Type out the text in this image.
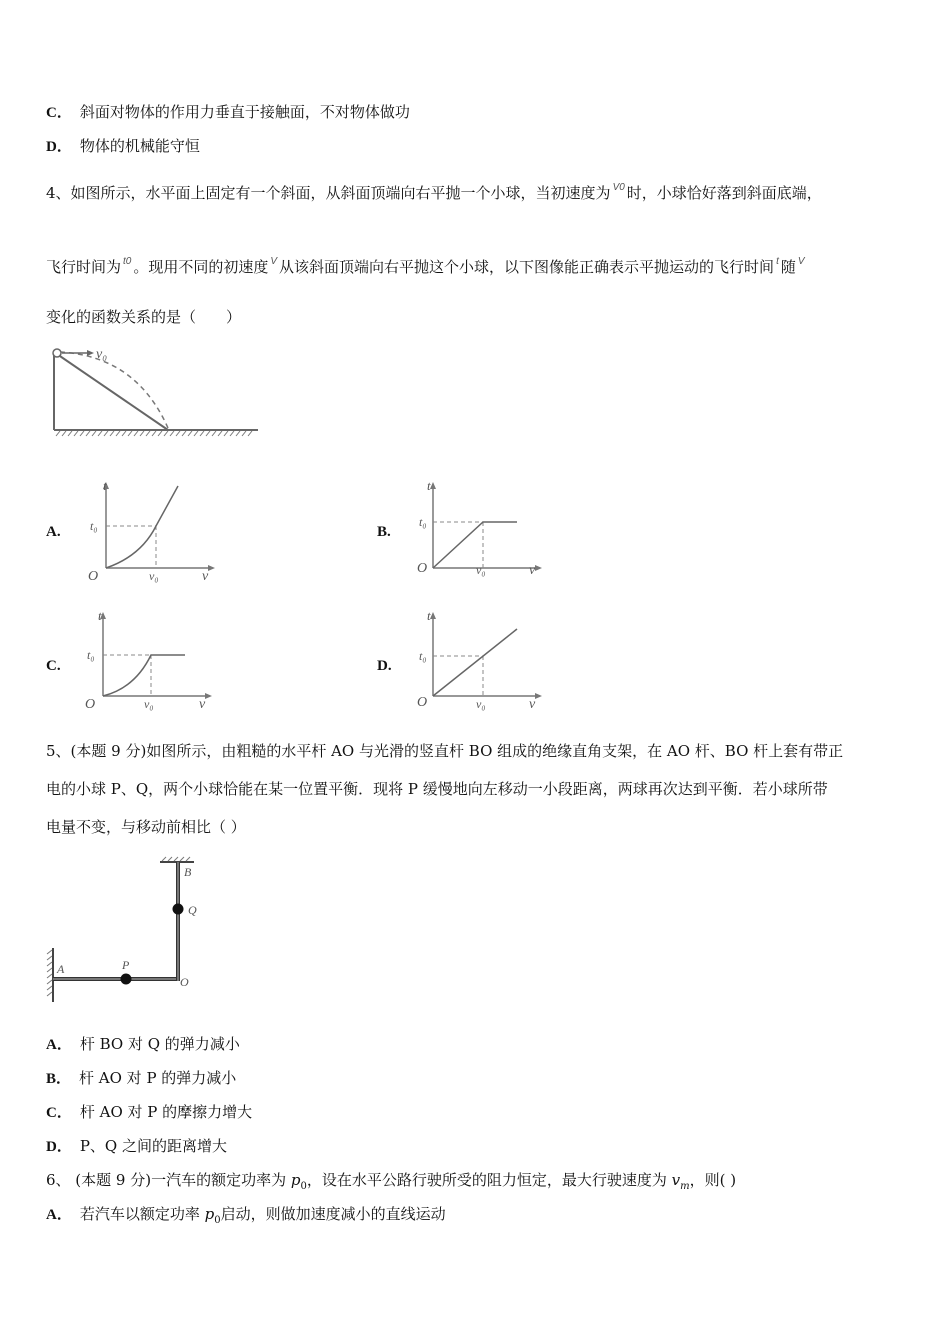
C． 斜面对物体的作用力垂直于接触面，不对物体做功
D． 物体的机械能守恒
4、如图所示，水平面上固定有一个斜面，从斜面顶端向右平抛一个小球，当初速度为 $^{V0}$ 时，小球恰好落到斜面底端，
飞行时间为 $^{t0}$ 。现用不同的初速度 $^V$ 从该斜面顶端向右平抛这个小球，以下图像能正确表示平抛运动的飞行时间 $^t$ 随 $^V$
变化的函数关系的是（　　）
v₀
A.
t
t₀
O	v₀	v
B.
t
t₀
O	v₀	v
C.
t
t₀
O	v₀	v
D.
t
t₀
O	v₀	v
5、(本题 9 分)如图所示，由粗糙的水平杆 AO 与光滑的竖直杆 BO 组成的绝缘直角支架，在 AO 杆、BO 杆上套有带正
电的小球 P、Q，两个小球恰能在某一位置平衡．现将 P 缓慢地向左移动一小段距离，两球再次达到平衡．若小球所带
电量不变，与移动前相比（ ）
A
B
O
P
Q
A． 杆 BO 对 Q 的弹力减小
B． 杆 AO 对 P 的弹力减小
C． 杆 AO 对 P 的摩擦力增大
D． P、Q 之间的距离增大
6、 (本题 9 分)一汽车的额定功率为 $p_0$，设在水平公路行驶所受的阻力恒定，最大行驶速度为 $v_m$，则( )
A． 若汽车以额定功率 $p_0$启动，则做加速度减小的直线运动
